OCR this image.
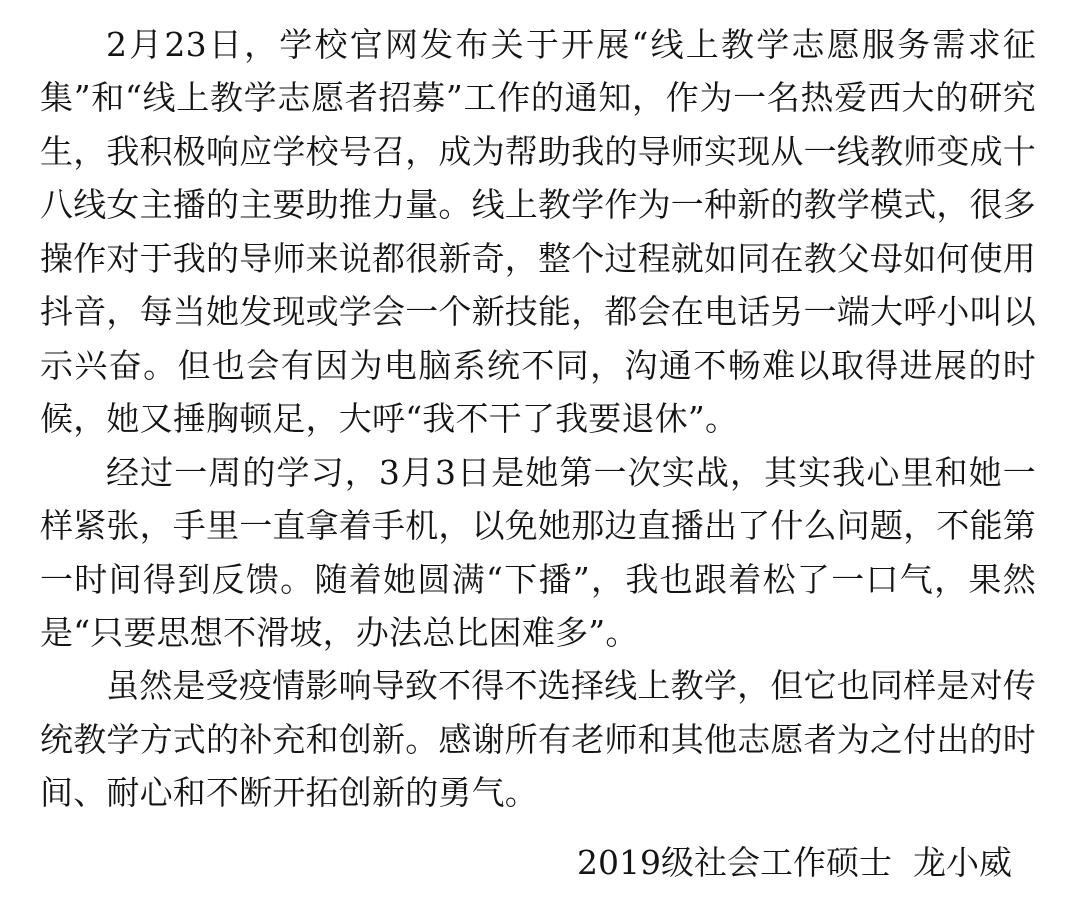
2月23日，学校官网发布关于开展“线上教学志愿服务需求征集”和“线上教学志愿者招募”工作的通知，作为一名热爱西大的研究生，我积极响应学校号召，成为帮助我的导师实现从一线教师变成十八线女主播的主要助推力量。线上教学作为一种新的教学模式，很多操作对于我的导师来说都很新奇，整个过程就如同在教父母如何使用抖音，每当她发现或学会一个新技能，都会在电话另一端大呼小叫以示兴奋。但也会有因为电脑系统不同，沟通不畅难以取得进展的时候，她又捶胸顿足，大呼“我不干了我要退休”。

经过一周的学习，3月3日是她第一次实战，其实我心里和她一样紧张，手里一直拿着手机，以免她那边直播出了什么问题，不能第一时间得到反馈。随着她圆满“下播”，我也跟着松了一口气，果然是“只要思想不滑坡，办法总比困难多”。

虽然是受疫情影响导致不得不选择线上教学，但它也同样是对传统教学方式的补充和创新。感谢所有老师和其他志愿者为之付出的时间、耐心和不断开拓创新的勇气。

2019级社会工作硕士  龙小威
